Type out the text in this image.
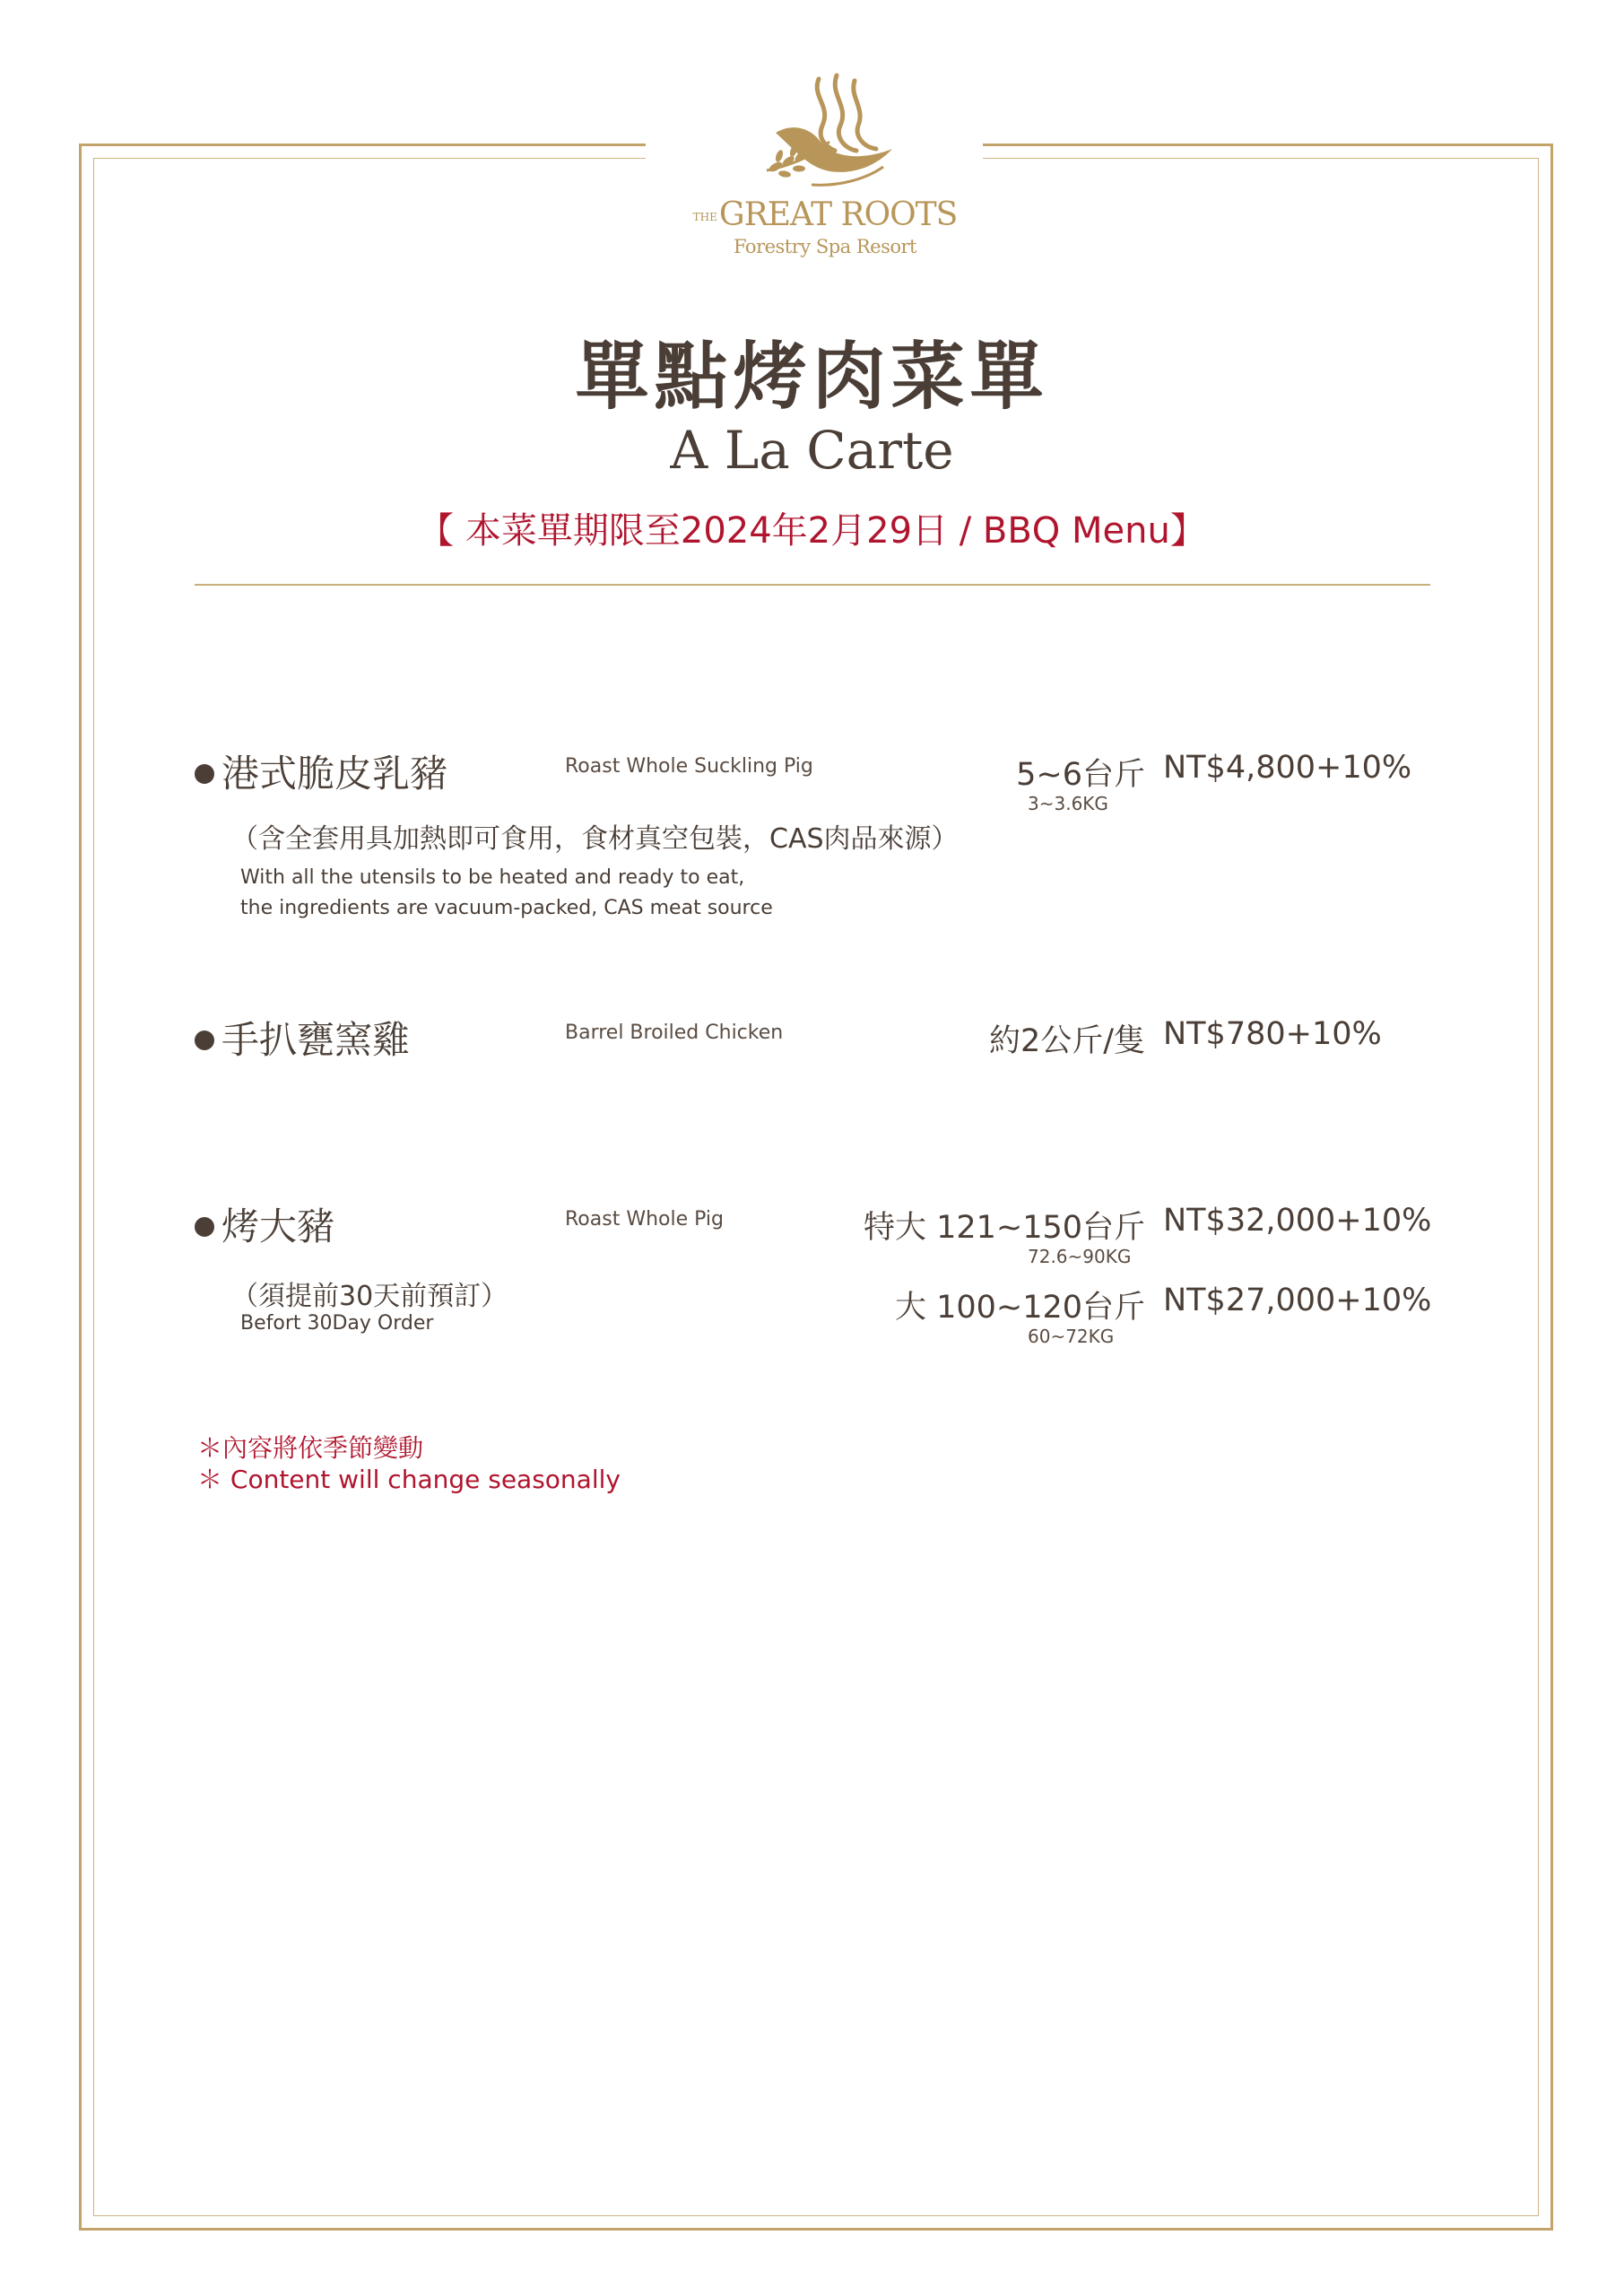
THEGREAT ROOTS
Forestry Spa Resort
單點烤肉菜單
A La Carte
【 本菜單期限至2024年2月29日 / BBQ Menu】
港式脆皮乳豬	Roast Whole Suckling Pig	5~6台斤 NT$4,800+10%
3~3.6KG
（含全套用具加熱即可食用，食材真空包裝，CAS肉品來源）
With all the utensils to be heated and ready to eat,
the ingredients are vacuum-packed, CAS meat source
手扒甕窯雞	Barrel Broiled Chicken	約2公斤/隻 NT$780+10%
烤大豬	Roast Whole Pig	特大 121~150台斤 NT$32,000+10%
72.6~90KG
（須提前30天前預訂）
Befort 30Day Order	大 100~120台斤 NT$27,000+10%
60~72KG
＊內容將依季節變動
＊ Content will change seasonally
